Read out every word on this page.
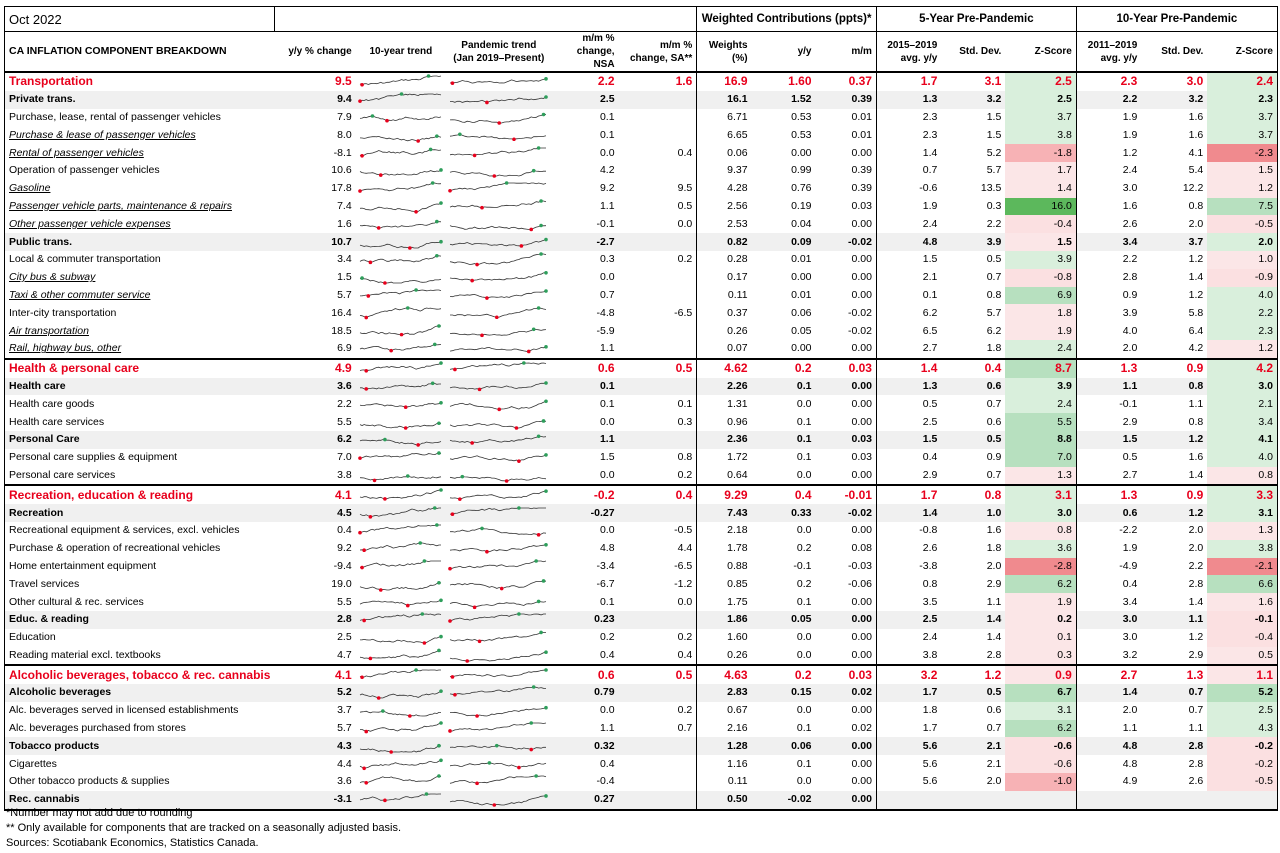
Oct 2022						Weighted Contributions (ppts)*			5-Year Pre-Pandemic			10-Year Pre-Pandemic		
CA INFLATION COMPONENT BREAKDOWN	y/y % change	10-year trend	Pandemic trend (Jan 2019–Present)	m/m % change, NSA	m/m % change, SA**	Weights (%)	y/y	m/m	2015–2019 avg. y/y	Std. Dev.	Z-Score	2011–2019 avg. y/y	Std. Dev.	Z-Score
Transportation	9.5			2.2	1.6	16.9	1.60	0.37	1.7	3.1	2.5	2.3	3.0	2.4
Private trans.	9.4			2.5		16.1	1.52	0.39	1.3	3.2	2.5	2.2	3.2	2.3
Purchase, lease, rental of passenger vehicles	7.9			0.1		6.71	0.53	0.01	2.3	1.5	3.7	1.9	1.6	3.7
Purchase & lease of passenger vehicles	8.0			0.1		6.65	0.53	0.01	2.3	1.5	3.8	1.9	1.6	3.7
Rental of passenger vehicles	-8.1			0.0	0.4	0.06	0.00	0.00	1.4	5.2	-1.8	1.2	4.1	-2.3
Operation of passenger vehicles	10.6			4.2		9.37	0.99	0.39	0.7	5.7	1.7	2.4	5.4	1.5
Gasoline	17.8			9.2	9.5	4.28	0.76	0.39	-0.6	13.5	1.4	3.0	12.2	1.2
Passenger vehicle parts, maintenance & repairs	7.4			1.1	0.5	2.56	0.19	0.03	1.9	0.3	16.0	1.6	0.8	7.5
Other passenger vehicle expenses	1.6			-0.1	0.0	2.53	0.04	0.00	2.4	2.2	-0.4	2.6	2.0	-0.5
Public trans.	10.7			-2.7		0.82	0.09	-0.02	4.8	3.9	1.5	3.4	3.7	2.0
Local & commuter transportation	3.4			0.3	0.2	0.28	0.01	0.00	1.5	0.5	3.9	2.2	1.2	1.0
City bus & subway	1.5			0.0		0.17	0.00	0.00	2.1	0.7	-0.8	2.8	1.4	-0.9
Taxi & other commuter service	5.7			0.7		0.11	0.01	0.00	0.1	0.8	6.9	0.9	1.2	4.0
Inter-city transportation	16.4			-4.8	-6.5	0.37	0.06	-0.02	6.2	5.7	1.8	3.9	5.8	2.2
Air transportation	18.5			-5.9		0.26	0.05	-0.02	6.5	6.2	1.9	4.0	6.4	2.3
Rail, highway bus, other	6.9			1.1		0.07	0.00	0.00	2.7	1.8	2.4	2.0	4.2	1.2
Health & personal care	4.9			0.6	0.5	4.62	0.2	0.03	1.4	0.4	8.7	1.3	0.9	4.2
Health care	3.6			0.1		2.26	0.1	0.00	1.3	0.6	3.9	1.1	0.8	3.0
Health care goods	2.2			0.1	0.1	1.31	0.0	0.00	0.5	0.7	2.4	-0.1	1.1	2.1
Health care services	5.5			0.0	0.3	0.96	0.1	0.00	2.5	0.6	5.5	2.9	0.8	3.4
Personal Care	6.2			1.1		2.36	0.1	0.03	1.5	0.5	8.8	1.5	1.2	4.1
Personal care supplies & equipment	7.0			1.5	0.8	1.72	0.1	0.03	0.4	0.9	7.0	0.5	1.6	4.0
Personal care services	3.8			0.0	0.2	0.64	0.0	0.00	2.9	0.7	1.3	2.7	1.4	0.8
Recreation, education & reading	4.1			-0.2	0.4	9.29	0.4	-0.01	1.7	0.8	3.1	1.3	0.9	3.3
Recreation	4.5			-0.27		7.43	0.33	-0.02	1.4	1.0	3.0	0.6	1.2	3.1
Recreational equipment & services, excl. vehicles	0.4			0.0	-0.5	2.18	0.0	0.00	-0.8	1.6	0.8	-2.2	2.0	1.3
Purchase & operation of recreational vehicles	9.2			4.8	4.4	1.78	0.2	0.08	2.6	1.8	3.6	1.9	2.0	3.8
Home entertainment equipment	-9.4			-3.4	-6.5	0.88	-0.1	-0.03	-3.8	2.0	-2.8	-4.9	2.2	-2.1
Travel services	19.0			-6.7	-1.2	0.85	0.2	-0.06	0.8	2.9	6.2	0.4	2.8	6.6
Other cultural & rec. services	5.5			0.1	0.0	1.75	0.1	0.00	3.5	1.1	1.9	3.4	1.4	1.6
Educ. & reading	2.8			0.23		1.86	0.05	0.00	2.5	1.4	0.2	3.0	1.1	-0.1
Education	2.5			0.2	0.2	1.60	0.0	0.00	2.4	1.4	0.1	3.0	1.2	-0.4
Reading material excl. textbooks	4.7			0.4	0.4	0.26	0.0	0.00	3.8	2.8	0.3	3.2	2.9	0.5
Alcoholic beverages, tobacco & rec. cannabis	4.1			0.6	0.5	4.63	0.2	0.03	3.2	1.2	0.9	2.7	1.3	1.1
Alcoholic beverages	5.2			0.79		2.83	0.15	0.02	1.7	0.5	6.7	1.4	0.7	5.2
Alc. beverages served in licensed establishments	3.7			0.0	0.2	0.67	0.0	0.00	1.8	0.6	3.1	2.0	0.7	2.5
Alc. beverages purchased from stores	5.7			1.1	0.7	2.16	0.1	0.02	1.7	0.7	6.2	1.1	1.1	4.3
Tobacco products	4.3			0.32		1.28	0.06	0.00	5.6	2.1	-0.6	4.8	2.8	-0.2
Cigarettes	4.4			0.4		1.16	0.1	0.00	5.6	2.1	-0.6	4.8	2.8	-0.2
Other tobacco products & supplies	3.6			-0.4		0.11	0.0	0.00	5.6	2.0	-1.0	4.9	2.6	-0.5
Rec. cannabis	-3.1			0.27		0.50	-0.02	0.00						
*Number may not add due to rounding
** Only available for components that are tracked on a seasonally adjusted basis.
Sources: Scotiabank Economics, Statistics Canada.
